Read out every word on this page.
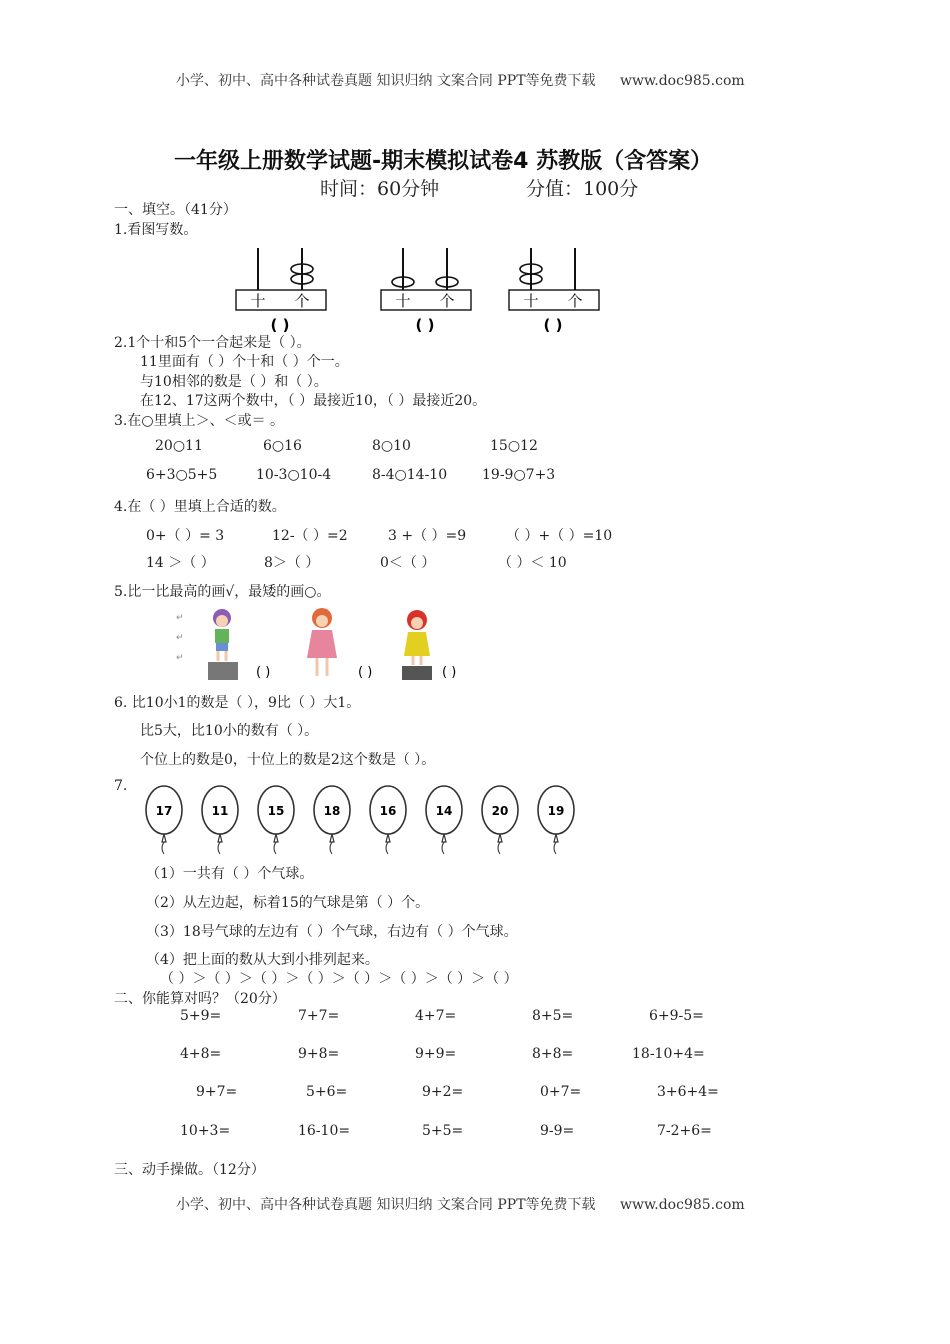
小学、初中、高中各种试卷真题 知识归纳 文案合同 PPT等免费下载 www.doc985.com
一年级上册数学试题-期末模拟试卷4 苏教版（含答案）
时间：60分钟	分值：100分
一、填空。（41分）
1.看图写数。
十 个
( )
十 个
( )
十 个
( )
2.1个十和5个一合起来是（ ）。
11里面有（ ）个十和（ ）个一。
与10相邻的数是（ ）和（ ）。
在12、17这两个数中，（ ）最接近10，（ ）最接近20。
3.在○里填上＞、＜或＝ 。
20○11	6○16	8○10	15○12
6+3○5+5	10-3○10-4	8-4○14-10 19-9○7+3
4.在（ ）里填上合适的数。
0+（ ）= 3	12-（ ）=2	3 +（ ）=9	（ ）+（ ）=10
14 ＞（ ）	8＞（ ）	0＜（ ）	（ ）＜ 10
5.比一比最高的画√，最矮的画○。
↵
↵
↵
( )	( )	( )
6. 比10小1的数是（ ），9比（ ）大1。
比5大，比10小的数有（ ）。
个位上的数是0，十位上的数是2这个数是（ ）。
7.
17	11	15	18	16	14	20	19
（1）一共有（ ）个气球。
（2）从左边起，标着15的气球是第（ ）个。
（3）18号气球的左边有（ ）个气球，右边有（ ）个气球。
（4）把上面的数从大到小排列起来。
（ ）＞（ ）＞（ ）＞（ ）＞（ ）＞（ ）＞（ ）＞（ ）
二、你能算对吗？（20分）
5+9=	7+7=	4+7=	8+5=	6+9-5=
4+8=	9+8=	9+9=	8+8=	18-10+4=
9+7=	5+6=	9+2=	0+7=	3+6+4=
10+3=	16-10=	5+5=	9-9=	7-2+6=
三、动手操做。（12分）
小学、初中、高中各种试卷真题 知识归纳 文案合同 PPT等免费下载 www.doc985.com
